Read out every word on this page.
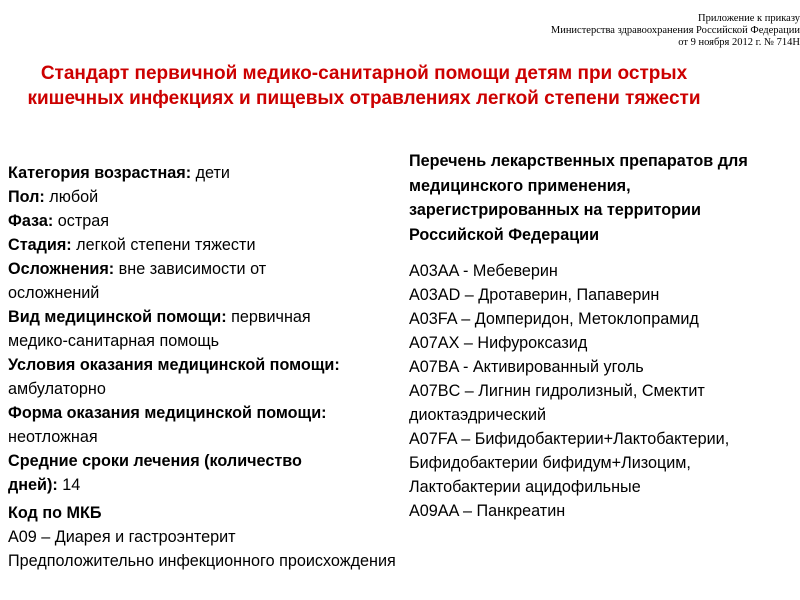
Приложение к приказу
Министерства здравоохранения Российской Федерации
от 9 ноября 2012 г. № 714Н
Стандарт первичной медико-санитарной помощи детям при острых кишечных инфекциях и пищевых отравлениях легкой степени тяжести
Категория возрастная: дети
Пол: любой
Фаза: острая
Стадия: легкой степени тяжести
Осложнения: вне зависимости от осложнений
Вид медицинской помощи: первичная медико-санитарная помощь
Условия оказания медицинской помощи: амбулаторно
Форма оказания медицинской помощи: неотложная
Средние сроки лечения (количество дней): 14
Код по МКБ
A09 – Диарея и гастроэнтерит
Предположительно инфекционного происхождения
Перечень лекарственных препаратов для медицинского применения, зарегистрированных на территории Российской Федерации
A03AA - Мебеверин
A03AD – Дротаверин, Папаверин
A03FA – Домперидон, Метоклопрамид
A07AX – Нифуроксазид
A07BA - Активированный уголь
A07BC – Лигнин гидролизный, Смектит диоктаэдрический
A07FA – Бифидобактерии+Лактобактерии, Бифидобактерии бифидум+Лизоцим, Лактобактерии ацидофильные
A09AA – Панкреатин
